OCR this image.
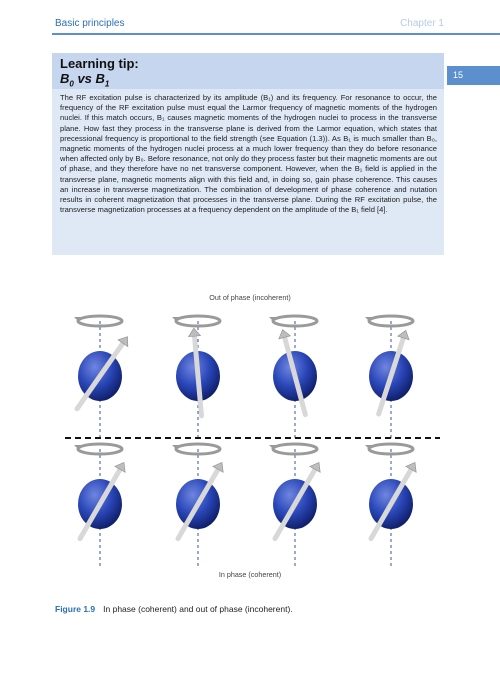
Basic principles	Chapter 1
15
Learning tip:
$B_0$ vs $B_1$
The RF excitation pulse is characterized by its amplitude (B₁) and its frequency. For resonance to occur, the frequency of the RF excitation pulse must equal the Larmor frequency of magnetic moments of the hydrogen nuclei. If this match occurs, B₁ causes magnetic moments of the hydrogen nuclei to process in the transverse plane. How fast they process in the transverse plane is derived from the Larmor equation, which states that precessional frequency is proportional to the field strength (see Equation (1.3)). As B₁ is much smaller than B₀, magnetic moments of the hydrogen nuclei process at a much lower frequency than they do before resonance when affected only by B₀. Before resonance, not only do they process faster but their magnetic moments are out of phase, and they therefore have no net transverse component. However, when the B₁ field is applied in the transverse plane, magnetic moments align with this field and, in doing so, gain phase coherence. This causes an increase in transverse magnetization. The combination of development of phase coherence and nutation results in coherent magnetization that processes in the transverse plane. During the RF excitation pulse, the transverse magnetization processes at a frequency dependent on the amplitude of the B₁ field [4].
Out of phase (incoherent)
In phase (coherent)
Figure 1.9 In phase (coherent) and out of phase (incoherent).
